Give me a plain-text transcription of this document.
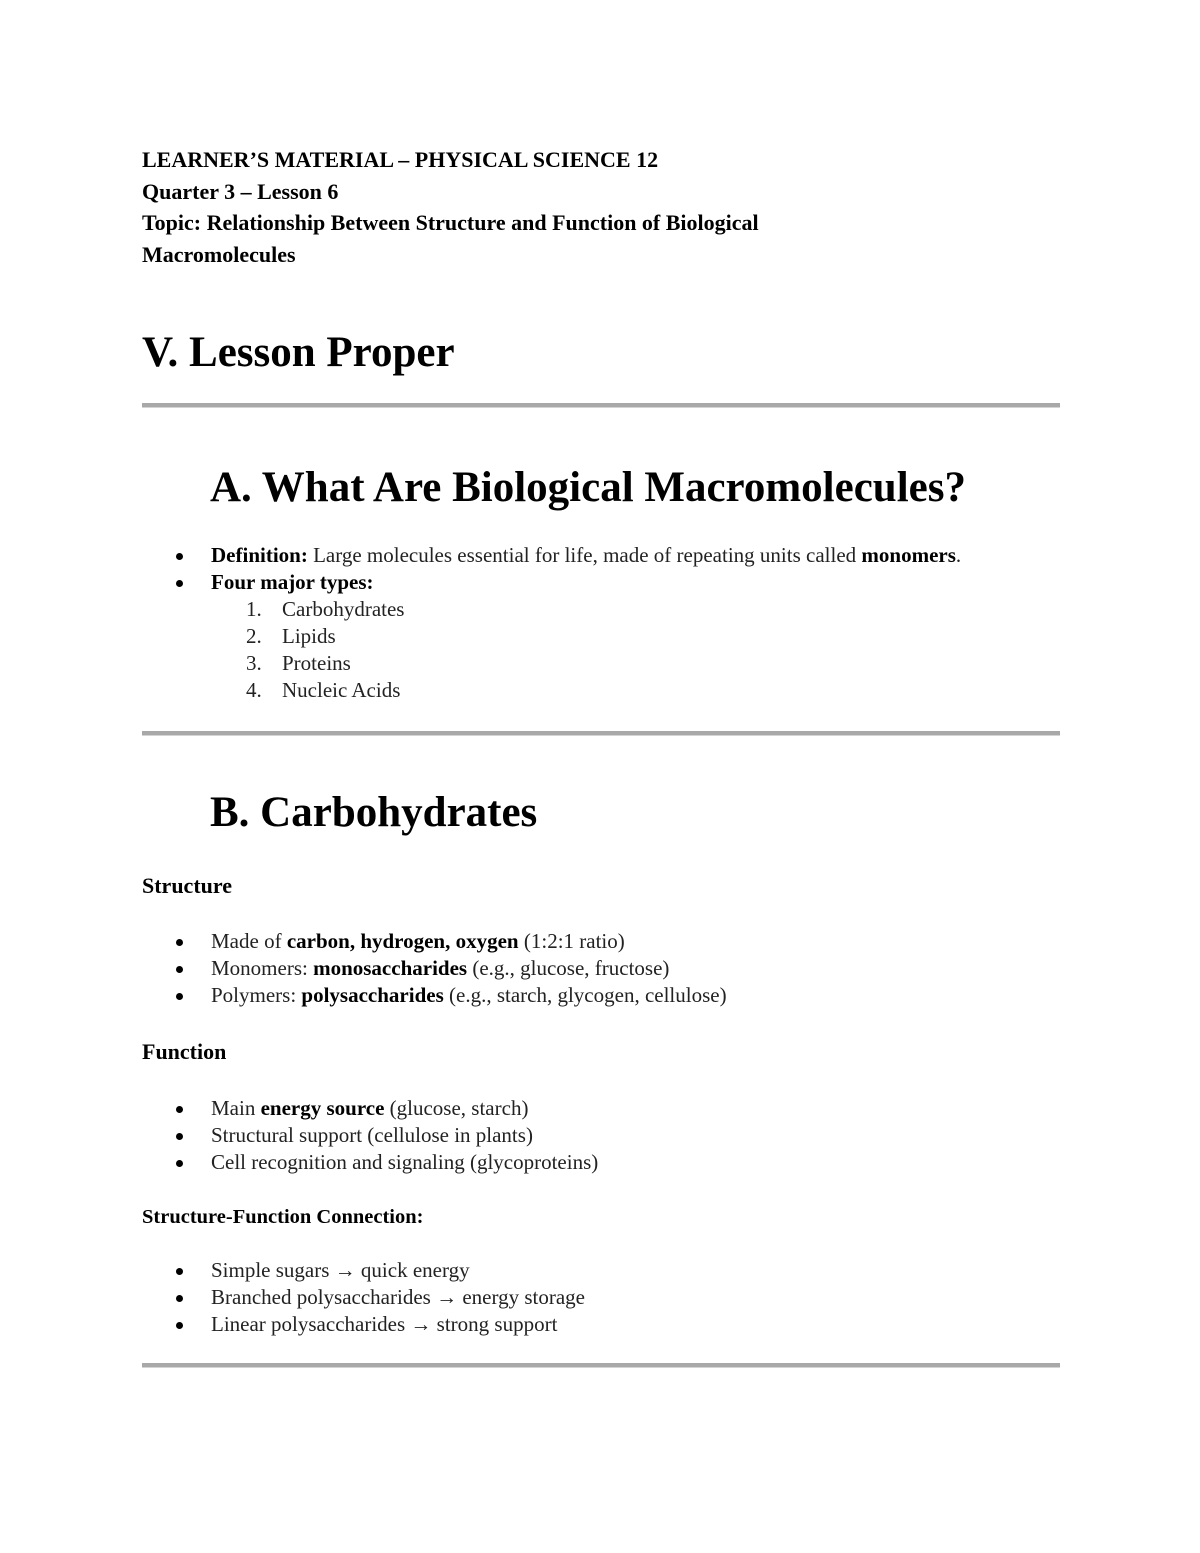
LEARNER’S MATERIAL – PHYSICAL SCIENCE 12

Quarter 3 – Lesson 6

Topic: Relationship Between Structure and Function of Biological

Macromolecules

V. Lesson Proper
A. What Are Biological Macromolecules?
Definition: Large molecules essential for life, made of repeating units called monomers.
Four major types:
1. Carbohydrates
2. Lipids
3. Proteins
4. Nucleic Acids
B. Carbohydrates

Structure

Made of carbon, hydrogen, oxygen (1:2:1 ratio)
Monomers: monosaccharides (e.g., glucose, fructose)
Polymers: polysaccharides (e.g., starch, glycogen, cellulose)

Function

Main energy source (glucose, starch)
Structural support (cellulose in plants)
Cell recognition and signaling (glycoproteins)

Structure-Function Connection:

Simple sugars → quick energy
Branched polysaccharides → energy storage
Linear polysaccharides → strong support
